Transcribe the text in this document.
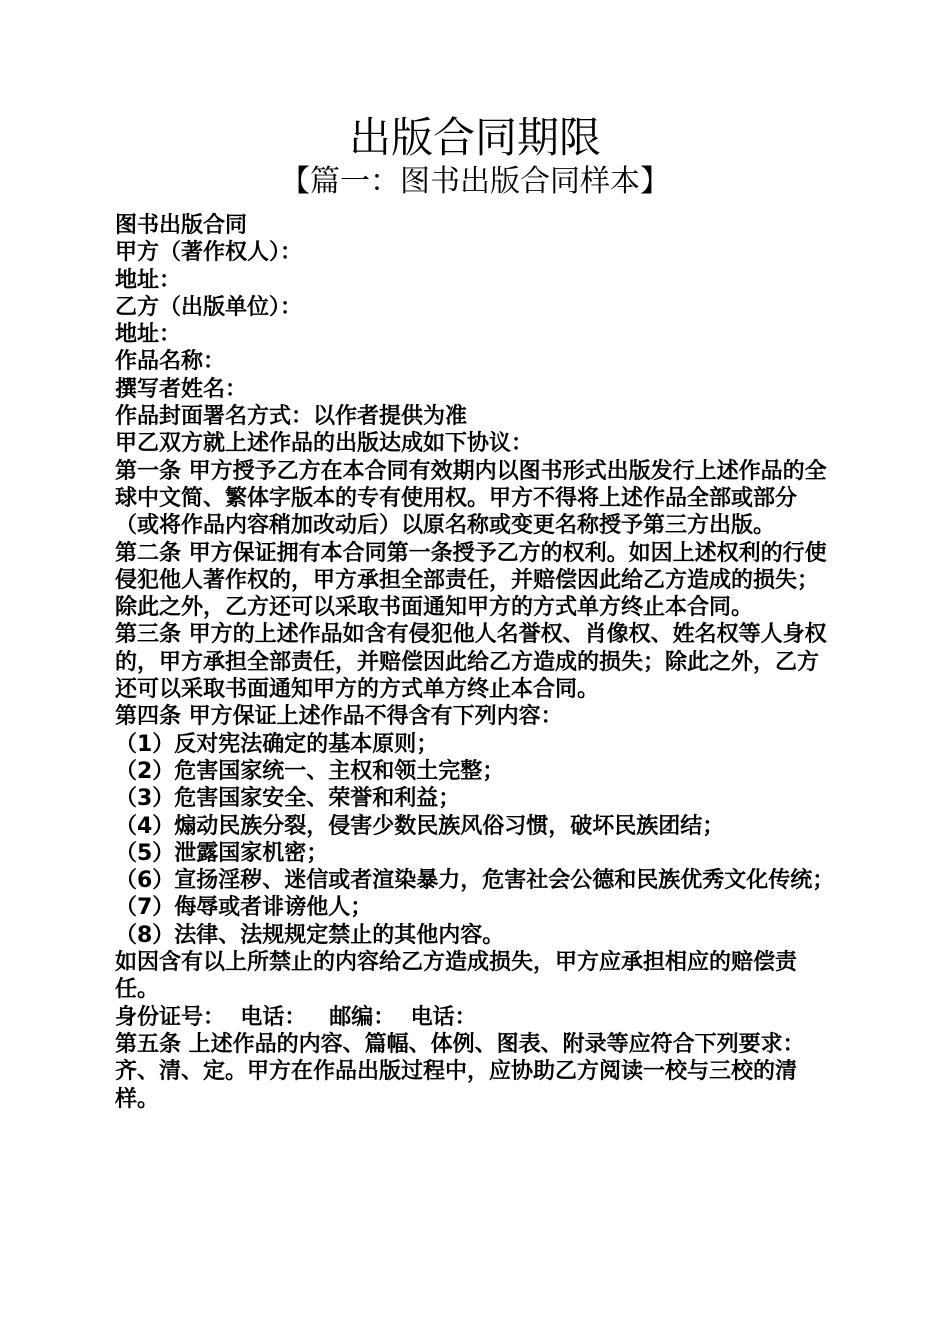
出版合同期限
【篇一：图书出版合同样本】

图书出版合同

甲方（著作权人）：

地址：

乙方（出版单位）：

地址：

作品名称：

撰写者姓名：

作品封面署名方式：以作者提供为准

甲乙双方就上述作品的出版达成如下协议：

第一条 甲方授予乙方在本合同有效期内以图书形式出版发行上述作品的全球中文简、繁体字版本的专有使用权。甲方不得将上述作品全部或部分（或将作品内容稍加改动后）以原名称或变更名称授予第三方出版。

第二条 甲方保证拥有本合同第一条授予乙方的权利。如因上述权利的行使侵犯他人著作权的，甲方承担全部责任，并赔偿因此给乙方造成的损失；除此之外，乙方还可以采取书面通知甲方的方式单方终止本合同。

第三条 甲方的上述作品如含有侵犯他人名誉权、肖像权、姓名权等人身权的，甲方承担全部责任，并赔偿因此给乙方造成的损失；除此之外，乙方还可以采取书面通知甲方的方式单方终止本合同。

第四条 甲方保证上述作品不得含有下列内容：

（1）反对宪法确定的基本原则；

（2）危害国家统一、主权和领土完整；

（3）危害国家安全、荣誉和利益；

（4）煽动民族分裂，侵害少数民族风俗习惯，破坏民族团结；

（5）泄露国家机密；

（6）宣扬淫秽、迷信或者渲染暴力，危害社会公德和民族优秀文化传统；

（7）侮辱或者诽谤他人；

（8）法律、法规规定禁止的其他内容。

如因含有以上所禁止的内容给乙方造成损失，甲方应承担相应的赔偿责任。

身份证号：  电话：   邮编：  电话：

第五条 上述作品的内容、篇幅、体例、图表、附录等应符合下列要求：齐、清、定。甲方在作品出版过程中，应协助乙方阅读一校与三校的清样。
